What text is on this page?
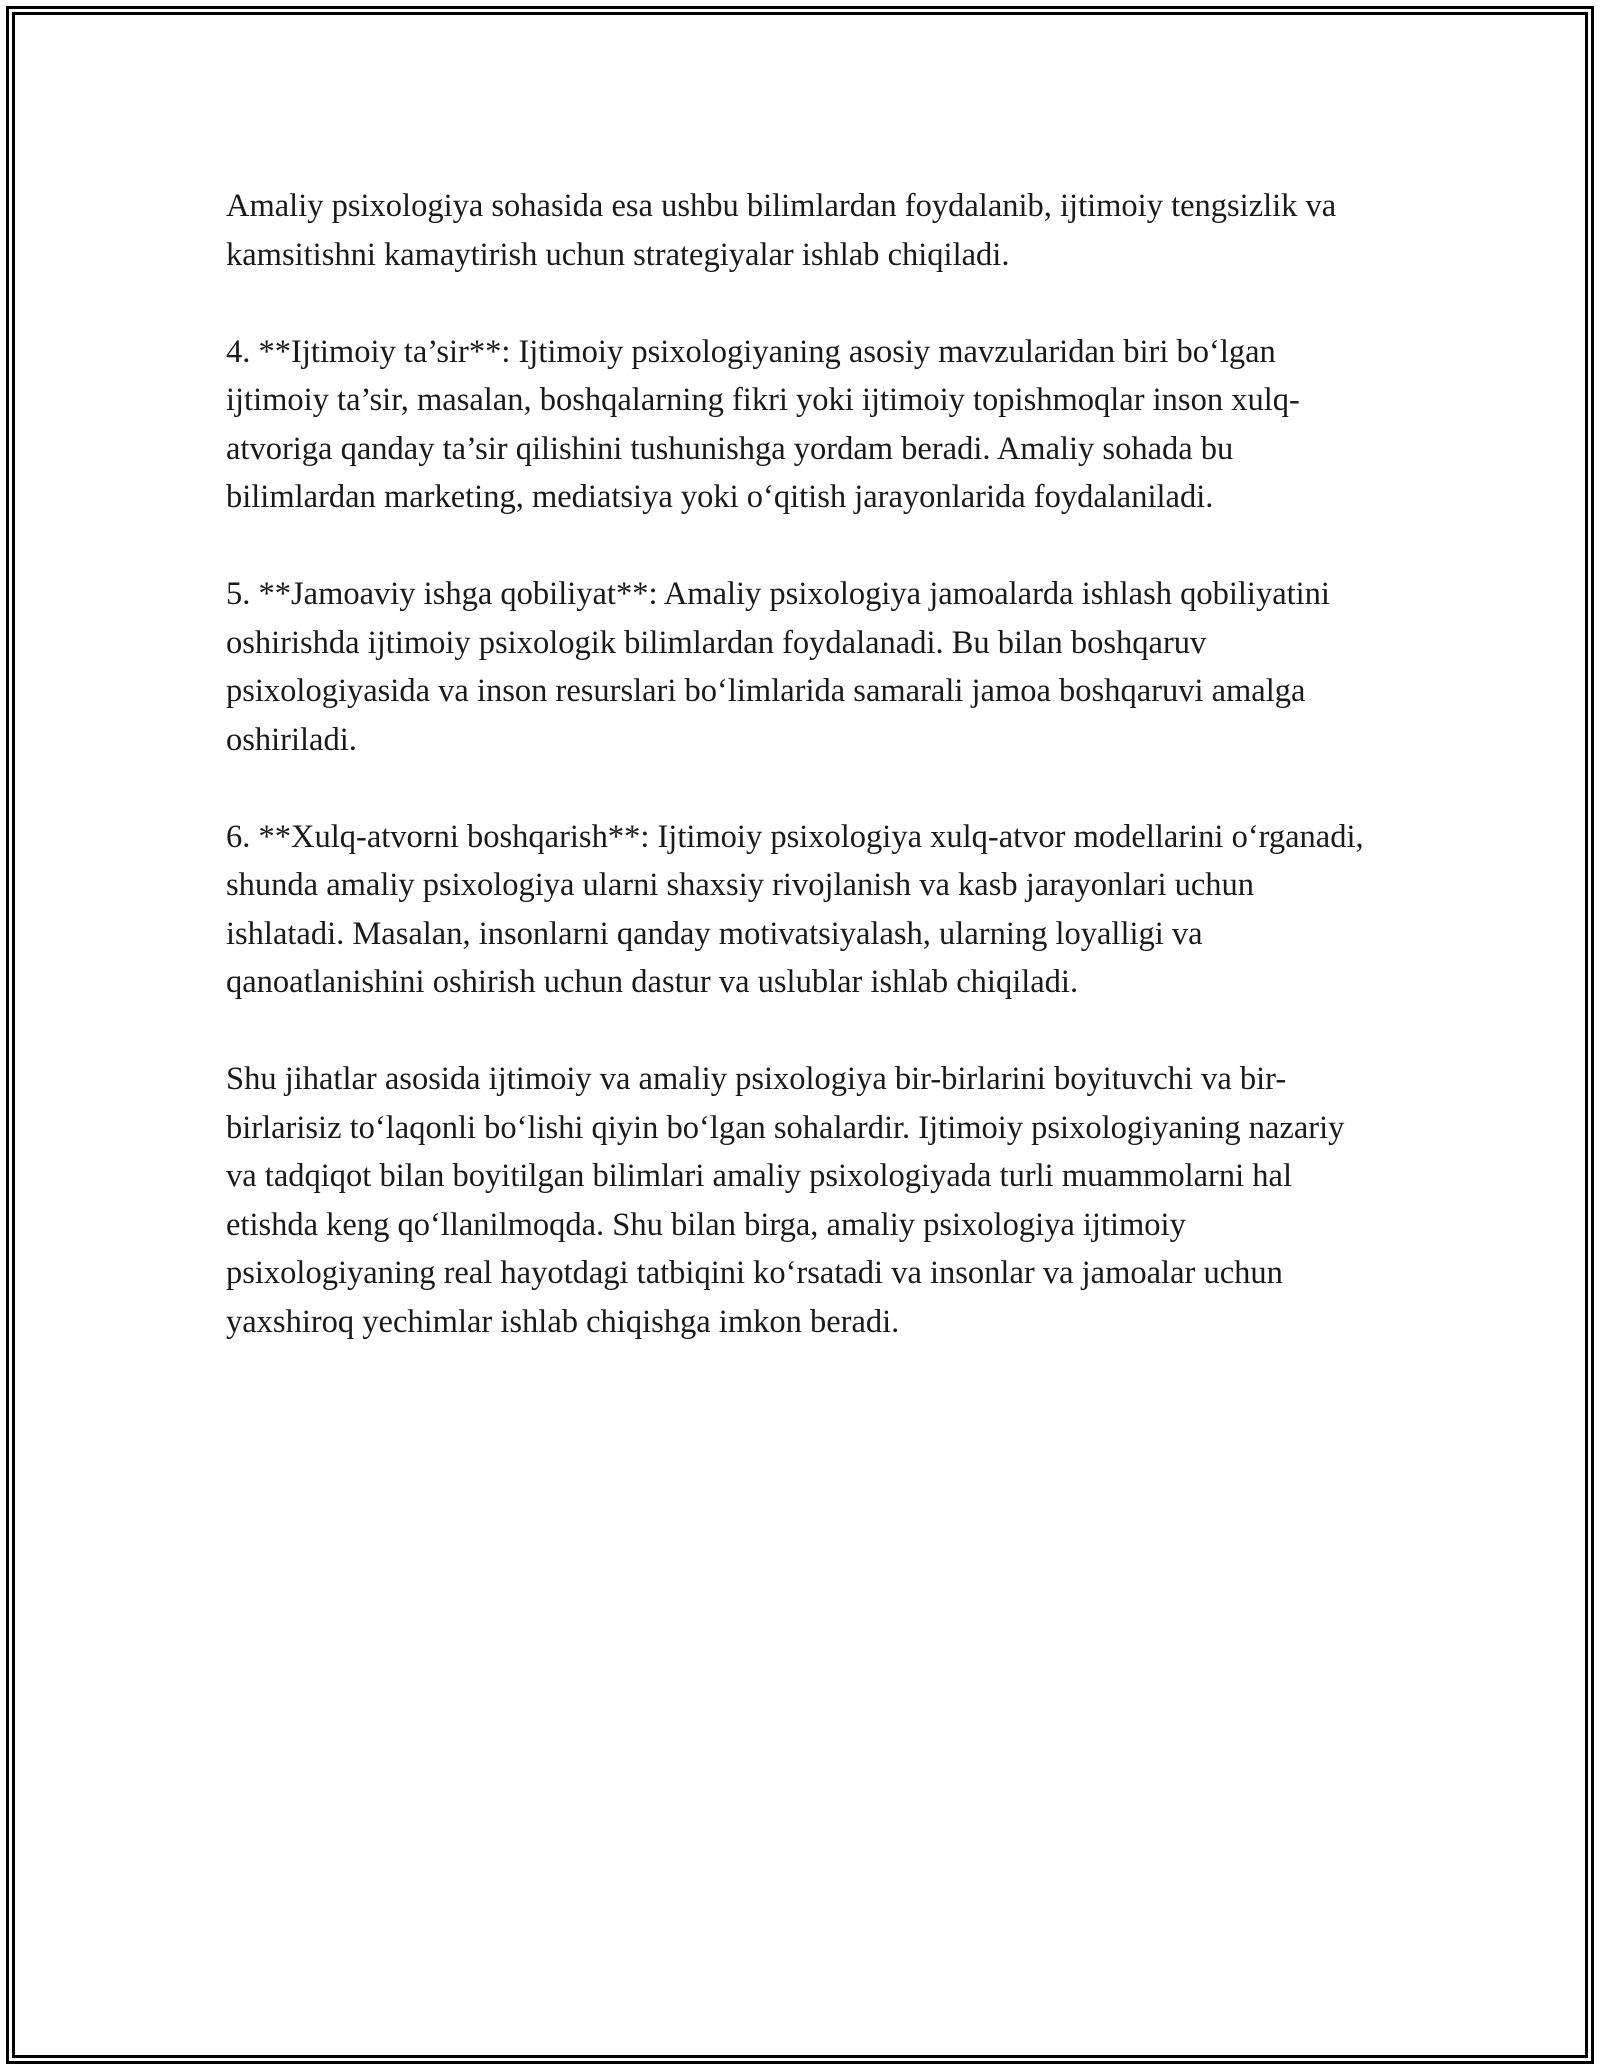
Amaliy psixologiya sohasida esa ushbu bilimlardan foydalanib, ijtimoiy tengsizlik va kamsitishni kamaytirish uchun strategiyalar ishlab chiqiladi.

4. **Ijtimoiy ta’sir**: Ijtimoiy psixologiyaning asosiy mavzularidan biri bo‘lgan ijtimoiy ta’sir, masalan, boshqalarning fikri yoki ijtimoiy topishmoqlar inson xulq-atvoriga qanday ta’sir qilishini tushunishga yordam beradi. Amaliy sohada bu bilimlardan marketing, mediatsiya yoki o‘qitish jarayonlarida foydalaniladi.

5. **Jamoaviy ishga qobiliyat**: Amaliy psixologiya jamoalarda ishlash qobiliyatini oshirishda ijtimoiy psixologik bilimlardan foydalanadi. Bu bilan boshqaruv psixologiyasida va inson resurslari bo‘limlarida samarali jamoa boshqaruvi amalga oshiriladi.

6. **Xulq-atvorni boshqarish**: Ijtimoiy psixologiya xulq-atvor modellarini o‘rganadi, shunda amaliy psixologiya ularni shaxsiy rivojlanish va kasb jarayonlari uchun ishlatadi. Masalan, insonlarni qanday motivatsiyalash, ularning loyalligi va qanoatlanishini oshirish uchun dastur va uslublar ishlab chiqiladi.

Shu jihatlar asosida ijtimoiy va amaliy psixologiya bir-birlarini boyituvchi va bir-birlarisiz to‘laqonli bo‘lishi qiyin bo‘lgan sohalardir. Ijtimoiy psixologiyaning nazariy va tadqiqot bilan boyitilgan bilimlari amaliy psixologiyada turli muammolarni hal etishda keng qo‘llanilmoqda. Shu bilan birga, amaliy psixologiya ijtimoiy psixologiyaning real hayotdagi tatbiqini ko‘rsatadi va insonlar va jamoalar uchun yaxshiroq yechimlar ishlab chiqishga imkon beradi.
